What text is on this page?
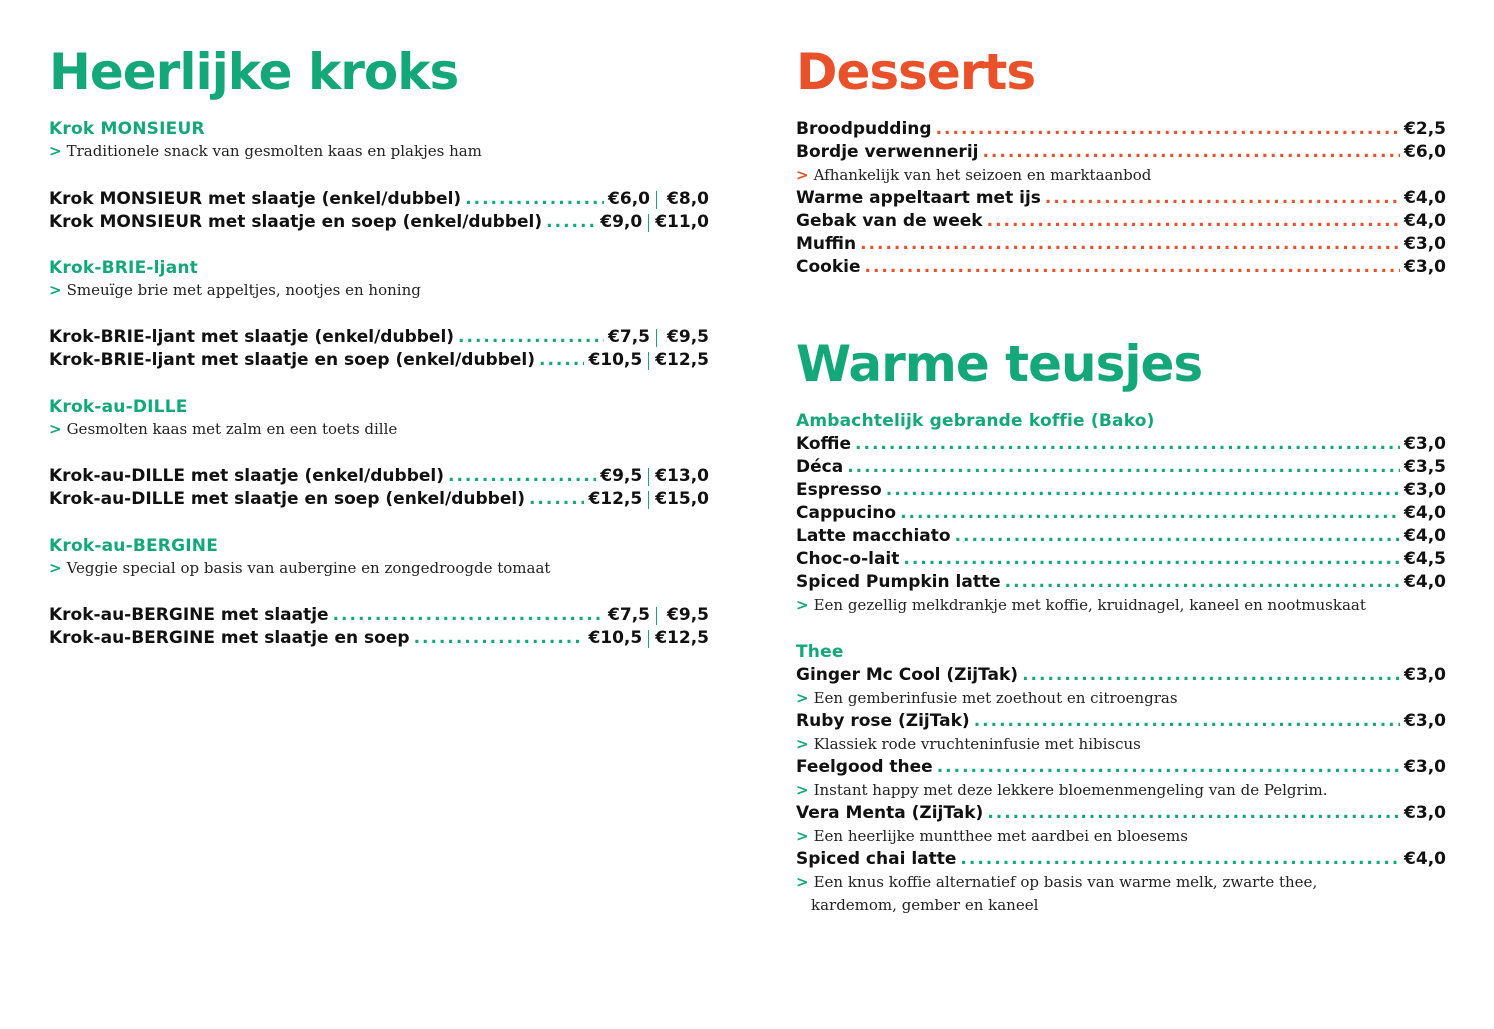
Heerlijke kroks

Krok MONSIEUR

> Traditionele snack van gesmolten kaas en plakjes ham

Krok MONSIEUR met slaatje (enkel/dubbel) .....	€6,0 €8,0
Krok MONSIEUR met slaatje en soep (enkel/dubbel) .....	€9,0 €11,0

Krok-BRIE-ljant

> Smeuïge brie met appeltjes, nootjes en honing

Krok-BRIE-ljant met slaatje (enkel/dubbel) .....	€7,5 €9,5
Krok-BRIE-ljant met slaatje en soep (enkel/dubbel) .....	€10,5 €12,5

Krok-au-DILLE

> Gesmolten kaas met zalm en een toets dille

Krok-au-DILLE met slaatje (enkel/dubbel) .....	€9,5 €13,0
Krok-au-DILLE met slaatje en soep (enkel/dubbel) .....	€12,5 €15,0

Krok-au-BERGINE

> Veggie special op basis van aubergine en zongedroogde tomaat

Krok-au-BERGINE met slaatje .....	€7,5 €9,5
Krok-au-BERGINE met slaatje en soep .....	€10,5 €12,5
Desserts
Broodpudding .....	€2,5
Bordje verwennerij .....	€6,0

> Afhankelijk van het seizoen en marktaanbod

Warme appeltaart met ijs .....	€4,0
Gebak van de week .....	€4,0
Muffin .....	€3,0
Cookie .....	€3,0
Warme teusjes

Ambachtelijk gebrande koffie (Bako)

Koffie .....	€3,0
Déca .....	€3,5
Espresso .....	€3,0
Cappucino .....	€4,0
Latte macchiato .....	€4,0
Choc-o-lait .....	€4,5
Spiced Pumpkin latte .....	€4,0

> Een gezellig melkdrankje met koffie, kruidnagel, kaneel en nootmuskaat

Thee

Ginger Mc Cool (ZijTak) .....	€3,0

> Een gemberinfusie met zoethout en citroengras

Ruby rose (ZijTak) .....	€3,0

> Klassiek rode vruchteninfusie met hibiscus

Feelgood thee .....	€3,0

> Instant happy met deze lekkere bloemenmengeling van de Pelgrim.

Vera Menta (ZijTak) .....	€3,0

> Een heerlijke muntthee met aardbei en bloesems

Spiced chai latte .....	€4,0

> Een knus koffie alternatief op basis van warme melk, zwarte thee,

kardemom, gember en kaneel
